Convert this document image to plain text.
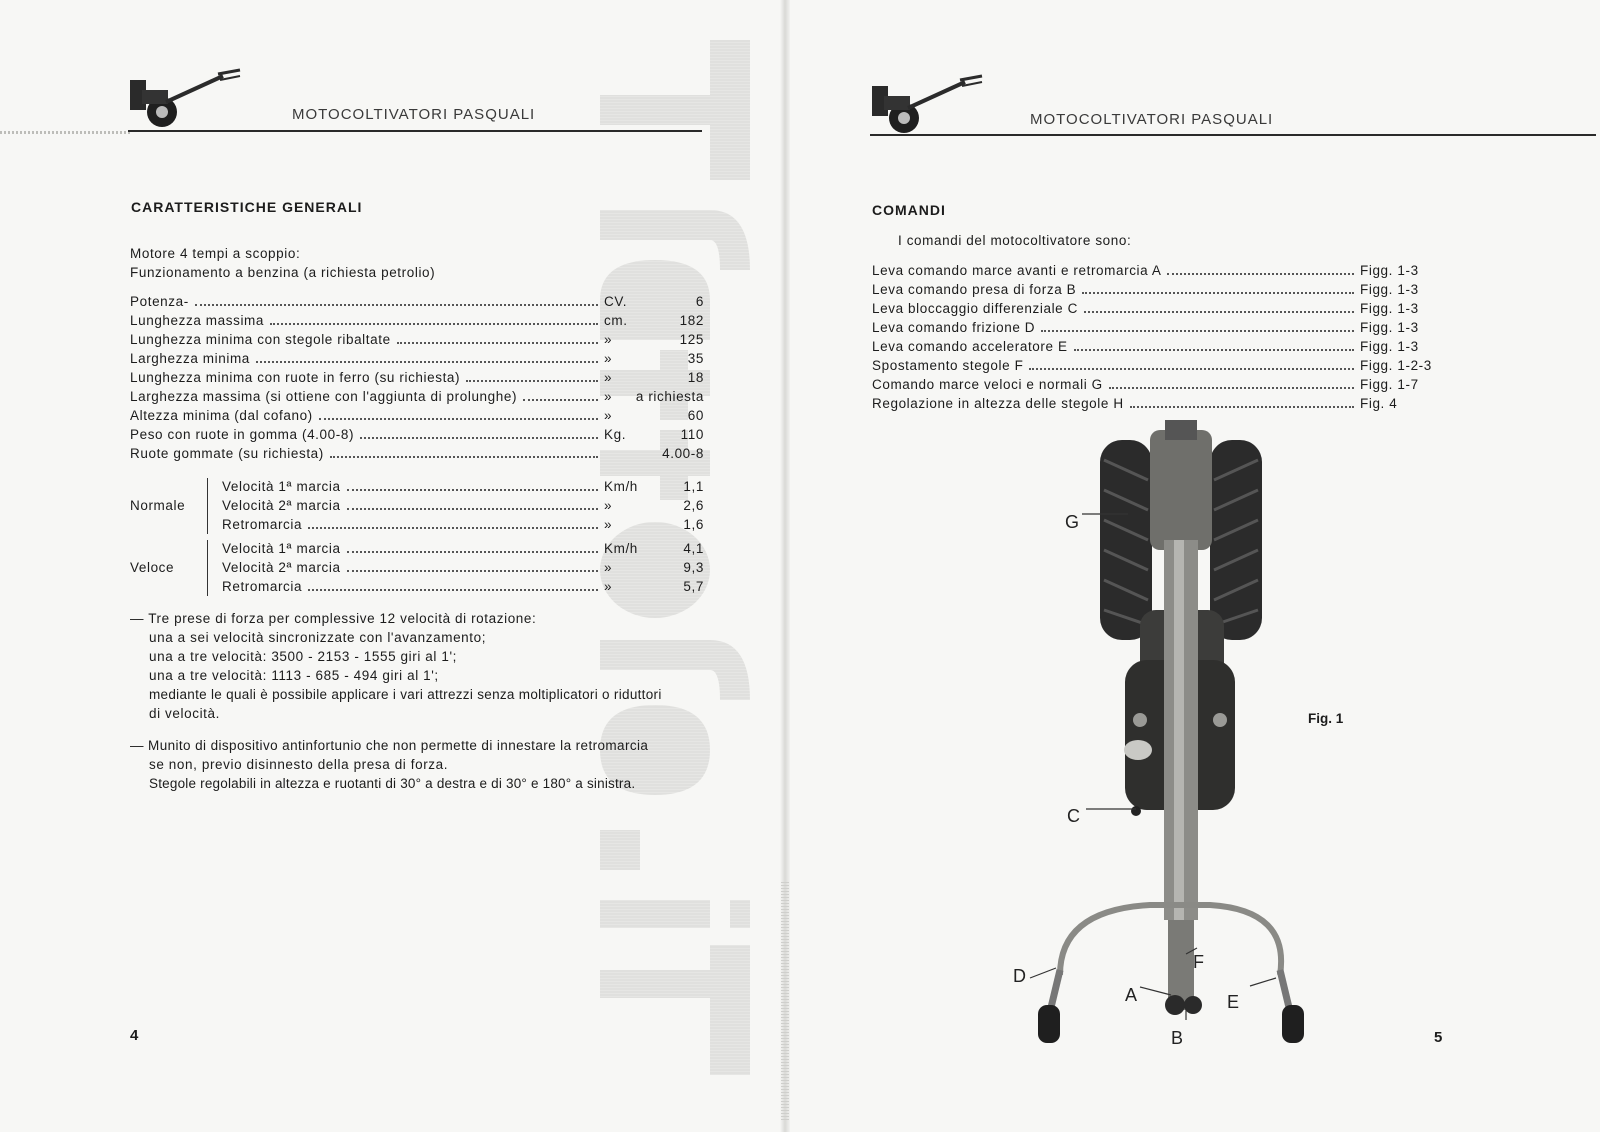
MOTOCOLTIVATORI PASQUALI
CARATTERISTICHE GENERALI
Motore 4 tempi a scoppio:
Funzionamento a benzina (a richiesta petrolio)
Potenza-	CV.	6
Lunghezza massima	cm.	182
Lunghezza minima con stegole ribaltate	»	125
Larghezza minima	»	35
Lunghezza minima con ruote in ferro (su richiesta)	»	18
Larghezza massima (si ottiene con l'aggiunta di prolunghe)	»	a richiesta
Altezza minima (dal cofano)	»	60
Peso con ruote in gomma (4.00-8)	Kg.	110
Ruote gommate (su richiesta)	4.00-8
Normale
Velocità 1ª marcia	Km/h	1,1
Velocità 2ª marcia	»	2,6
Retromarcia	»	1,6
Veloce
Velocità 1ª marcia	Km/h	4,1
Velocità 2ª marcia	»	9,3
Retromarcia	»	5,7
— Tre prese di forza per complessive 12 velocità di rotazione:
una a sei velocità sincronizzate con l'avanzamento;
una a tre velocità: 3500 - 2153 - 1555 giri al 1';
una a tre velocità: 1113 - 685 - 494 giri al 1';
mediante le quali è possibile applicare i vari attrezzi senza moltiplicatori o riduttori
di velocità.
— Munito di dispositivo antinfortunio che non permette di innestare la retromarcia
se non, previo disinnesto della presa di forza.
Stegole regolabili in altezza e ruotanti di 30° a destra e di 30° e 180° a sinistra.
4
MOTOCOLTIVATORI PASQUALI
COMANDI
I comandi del motocoltivatore sono:
Leva comando marce avanti e retromarcia A	Figg. 1-3
Leva comando presa di forza B	Figg. 1-3
Leva bloccaggio differenziale C	Figg. 1-3
Leva comando frizione D	Figg. 1-3
Leva comando acceleratore E	Figg. 1-3
Spostamento stegole F	Figg. 1-2-3
Comando marce veloci e normali G	Figg. 1-7
Regolazione in altezza delle stegole H	Fig. 4
G
C
D
F
A	E
B
Fig. 1
5
